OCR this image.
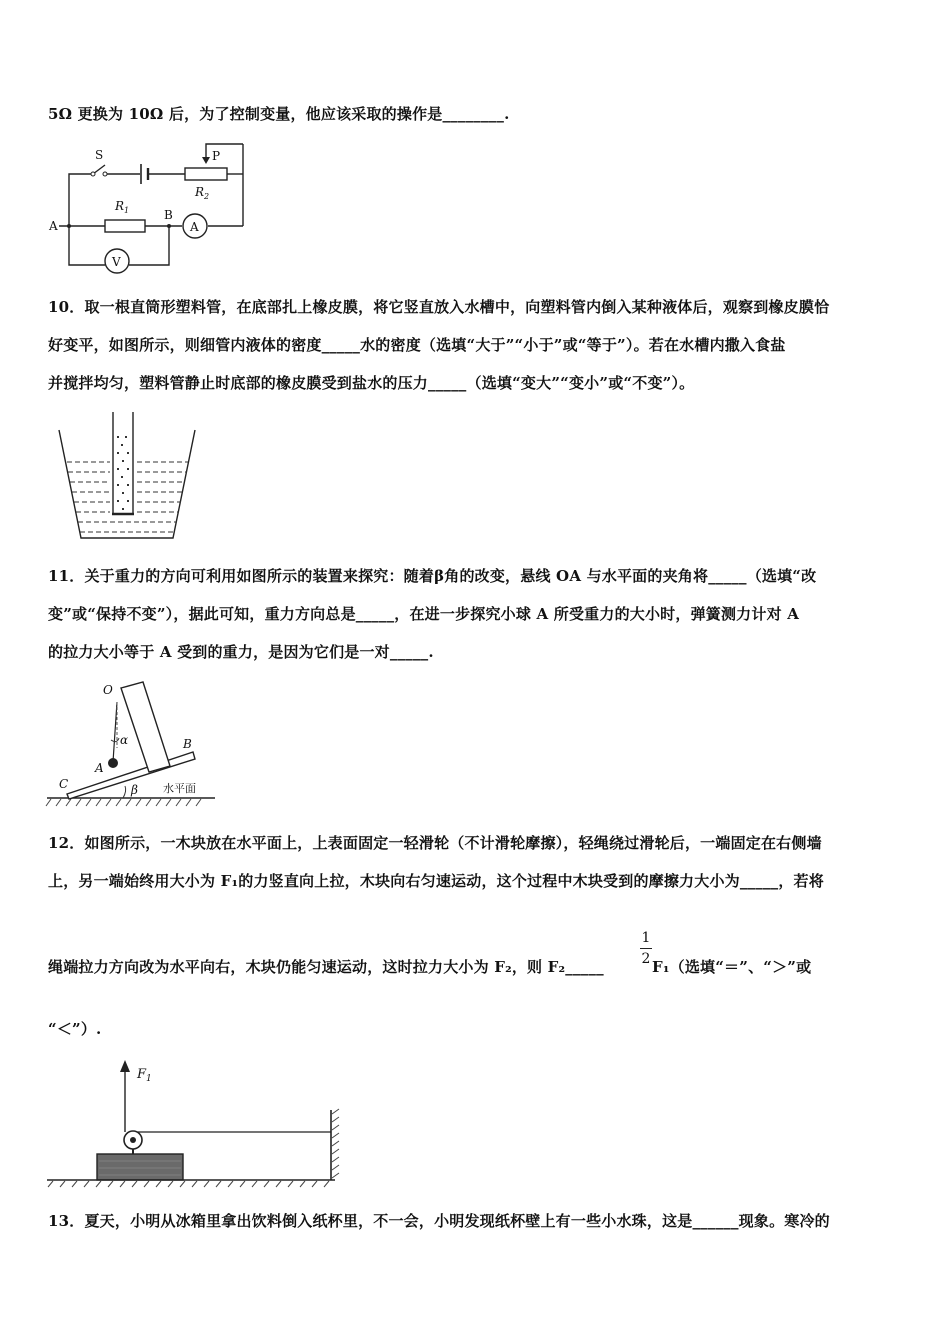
5Ω 更换为 10Ω 后，为了控制变量，他应该采取的操作是________.
S	P
$R_2$
$R_1$
A
B
A
V
10．取一根直筒形塑料管，在底部扎上橡皮膜，将它竖直放入水槽中，向塑料管内倒入某种液体后，观察到橡皮膜恰
好变平，如图所示，则细管内液体的密度_____水的密度（选填“大于”“小于”或“等于”）。若在水槽内撒入食盐
并搅拌均匀，塑料管静止时底部的橡皮膜受到盐水的压力_____（选填“变大”“变小”或“不变”）。
11．关于重力的方向可利用如图所示的装置来探究：随着β角的改变，悬线 OA 与水平面的夹角将_____（选填“改
变”或“保持不变”），据此可知，重力方向总是_____，在进一步探究小球 A 所受重力的大小时，弹簧测力计对 A
的拉力大小等于 A 受到的重力，是因为它们是一对_____.
O
α
A
B
C	β 水平面
12．如图所示，一木块放在水平面上，上表面固定一轻滑轮（不计滑轮摩擦），轻绳绕过滑轮后，一端固定在右侧墙
上，另一端始终用大小为 F₁的力竖直向上拉，木块向右匀速运动，这个过程中木块受到的摩擦力大小为_____，若将
绳端拉力方向改为水平向右，木块仍能匀速运动，这时拉力大小为 F₂，则 F₂_____
1
2 F₁（选填“＝”、“＞”或
“＜”）.
$F_1$
13．夏天，小明从冰箱里拿出饮料倒入纸杯里，不一会，小明发现纸杯壁上有一些小水珠，这是______现象。寒冷的
